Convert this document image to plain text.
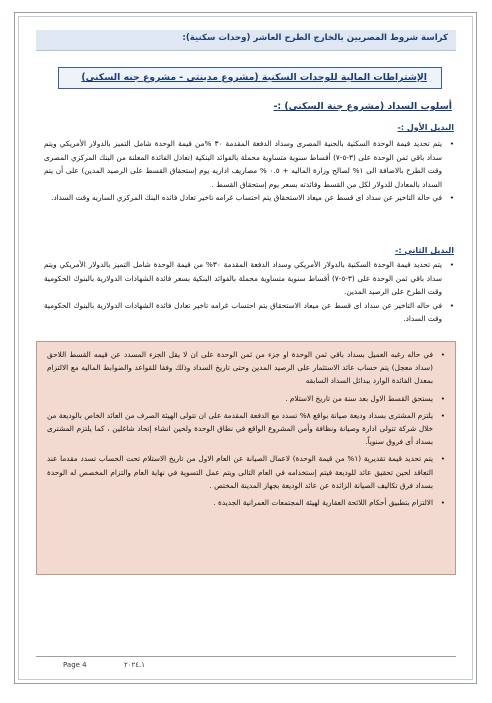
كراسة شروط المصريين بالخارج الطرح العاشر (وحدات سكنية):
الإشتراطات المالية للوحدات السكنية (مشروع مدينتي - مشروع جنه السكني)
أسلوب السداد (مشروع جنة السكني) :-
البديل الأول :-

• يتم تحديد قيمة الوحدة السكنية بالجنية المصرى وسداد الدفعة المقدمة ٣٠ %من قيمة الوحدة شامل التميز بالدولار الأمريكي ويتم سداد باقي ثمن الوحدة على (٣-٥-٧) أقساط سنوية متساوية محملة بالفوائد البنكية (تعادل الفائدة المعلنة من البنك المركزي المصرى وقت الطرح بالاضافة الى ١% لصالح وزارة الماليه + ٠.٥ % مصاريف اداريه يوم إستحقاق القسط على الرصيد المدين) على أن يتم السداد بالمعادل للدولار لكل من القسط وفائدته بسعر يوم إستحقاق القسط .

• في حاله التاخير عن سداد اى قسط عن ميعاد الاستحقاق يتم احتساب غرامه تاخير تعادل فائده البنك المركزي الساريه وقت السداد.

البديل الثاني :-

• يتم تحديد قيمة الوحدة السكنية بالدولار الأمريكي وسداد الدفعة المقدمة ٣٠% من قيمة الوحدة شامل التميز بالدولار الأمريكي ويتم سداد باقي ثمن الوحدة على (٣-٥-٧) أقساط سنوية متساوية محملة بالفوائد البنكية بسعر فائدة الشهادات الدولارية بالبنوك الحكومية وقت الطرح على الرصيد المدين.

• في حاله التاخير عن سداد اى قسط عن ميعاد الاستحقاق يتم احتساب غرامه تاخير تعادل فائدة الشهادات الدولارية بالبنوك الحكومية وقت السداد.

• في حاله رغبه العميل بسداد باقي ثمن الوحدة او جزء من ثمن الوحدة على ان لا يقل الجزء المسدد عن قيمه القسط اللاحق (سداد معجل) يتم حساب عائد الاستثمار على الرصيد المدين وحتى تاريخ السداد وذلك وفقا للقواعد والضوابط الماليه مع الالتزام بمعدل الفائدة الوارد ببدائل السداد السابقه

• يستحق القسط الاول بعد سنة من تاريخ الاستلام .

• يلتزم المشترى بسداد وديعة صيانة بواقع ٨% تسدد مع الدفعة المقدمة على ان تتولى الهيئة الصرف من العائد الخاص بالوديعة من خلال شركة تتولى ادارة وصيانة ونظافة وأمن المشروع الواقع في نطاق الوحدة ولحين انشاء إتحاد شاغلين ، كما يلتزم المشترى بسداد أى فروق سنوياً.

• يتم تحديد قيمة تقديرية (١% من قيمة الوحدة) لاعمال الصيانة عن العام الاول من تاريخ الاستلام تحت الحساب تسدد مقدما عند التعاقد لحين تحقيق عائد للوديعة فيتم إستخدامه في العام التالى ويتم عمل التسوية في نهاية العام والتزام المخصص له الوحدة بسداد فرق تكاليف الصيانة الزائدة عن عائد الوديعة بجهاز المدينة المختص .

• الالتزام بتطبيق أحكام اللائحة العقارية لهيئة المجتمعات العمرانية الجديدة .

Page 4	٢٠٢٤.١
